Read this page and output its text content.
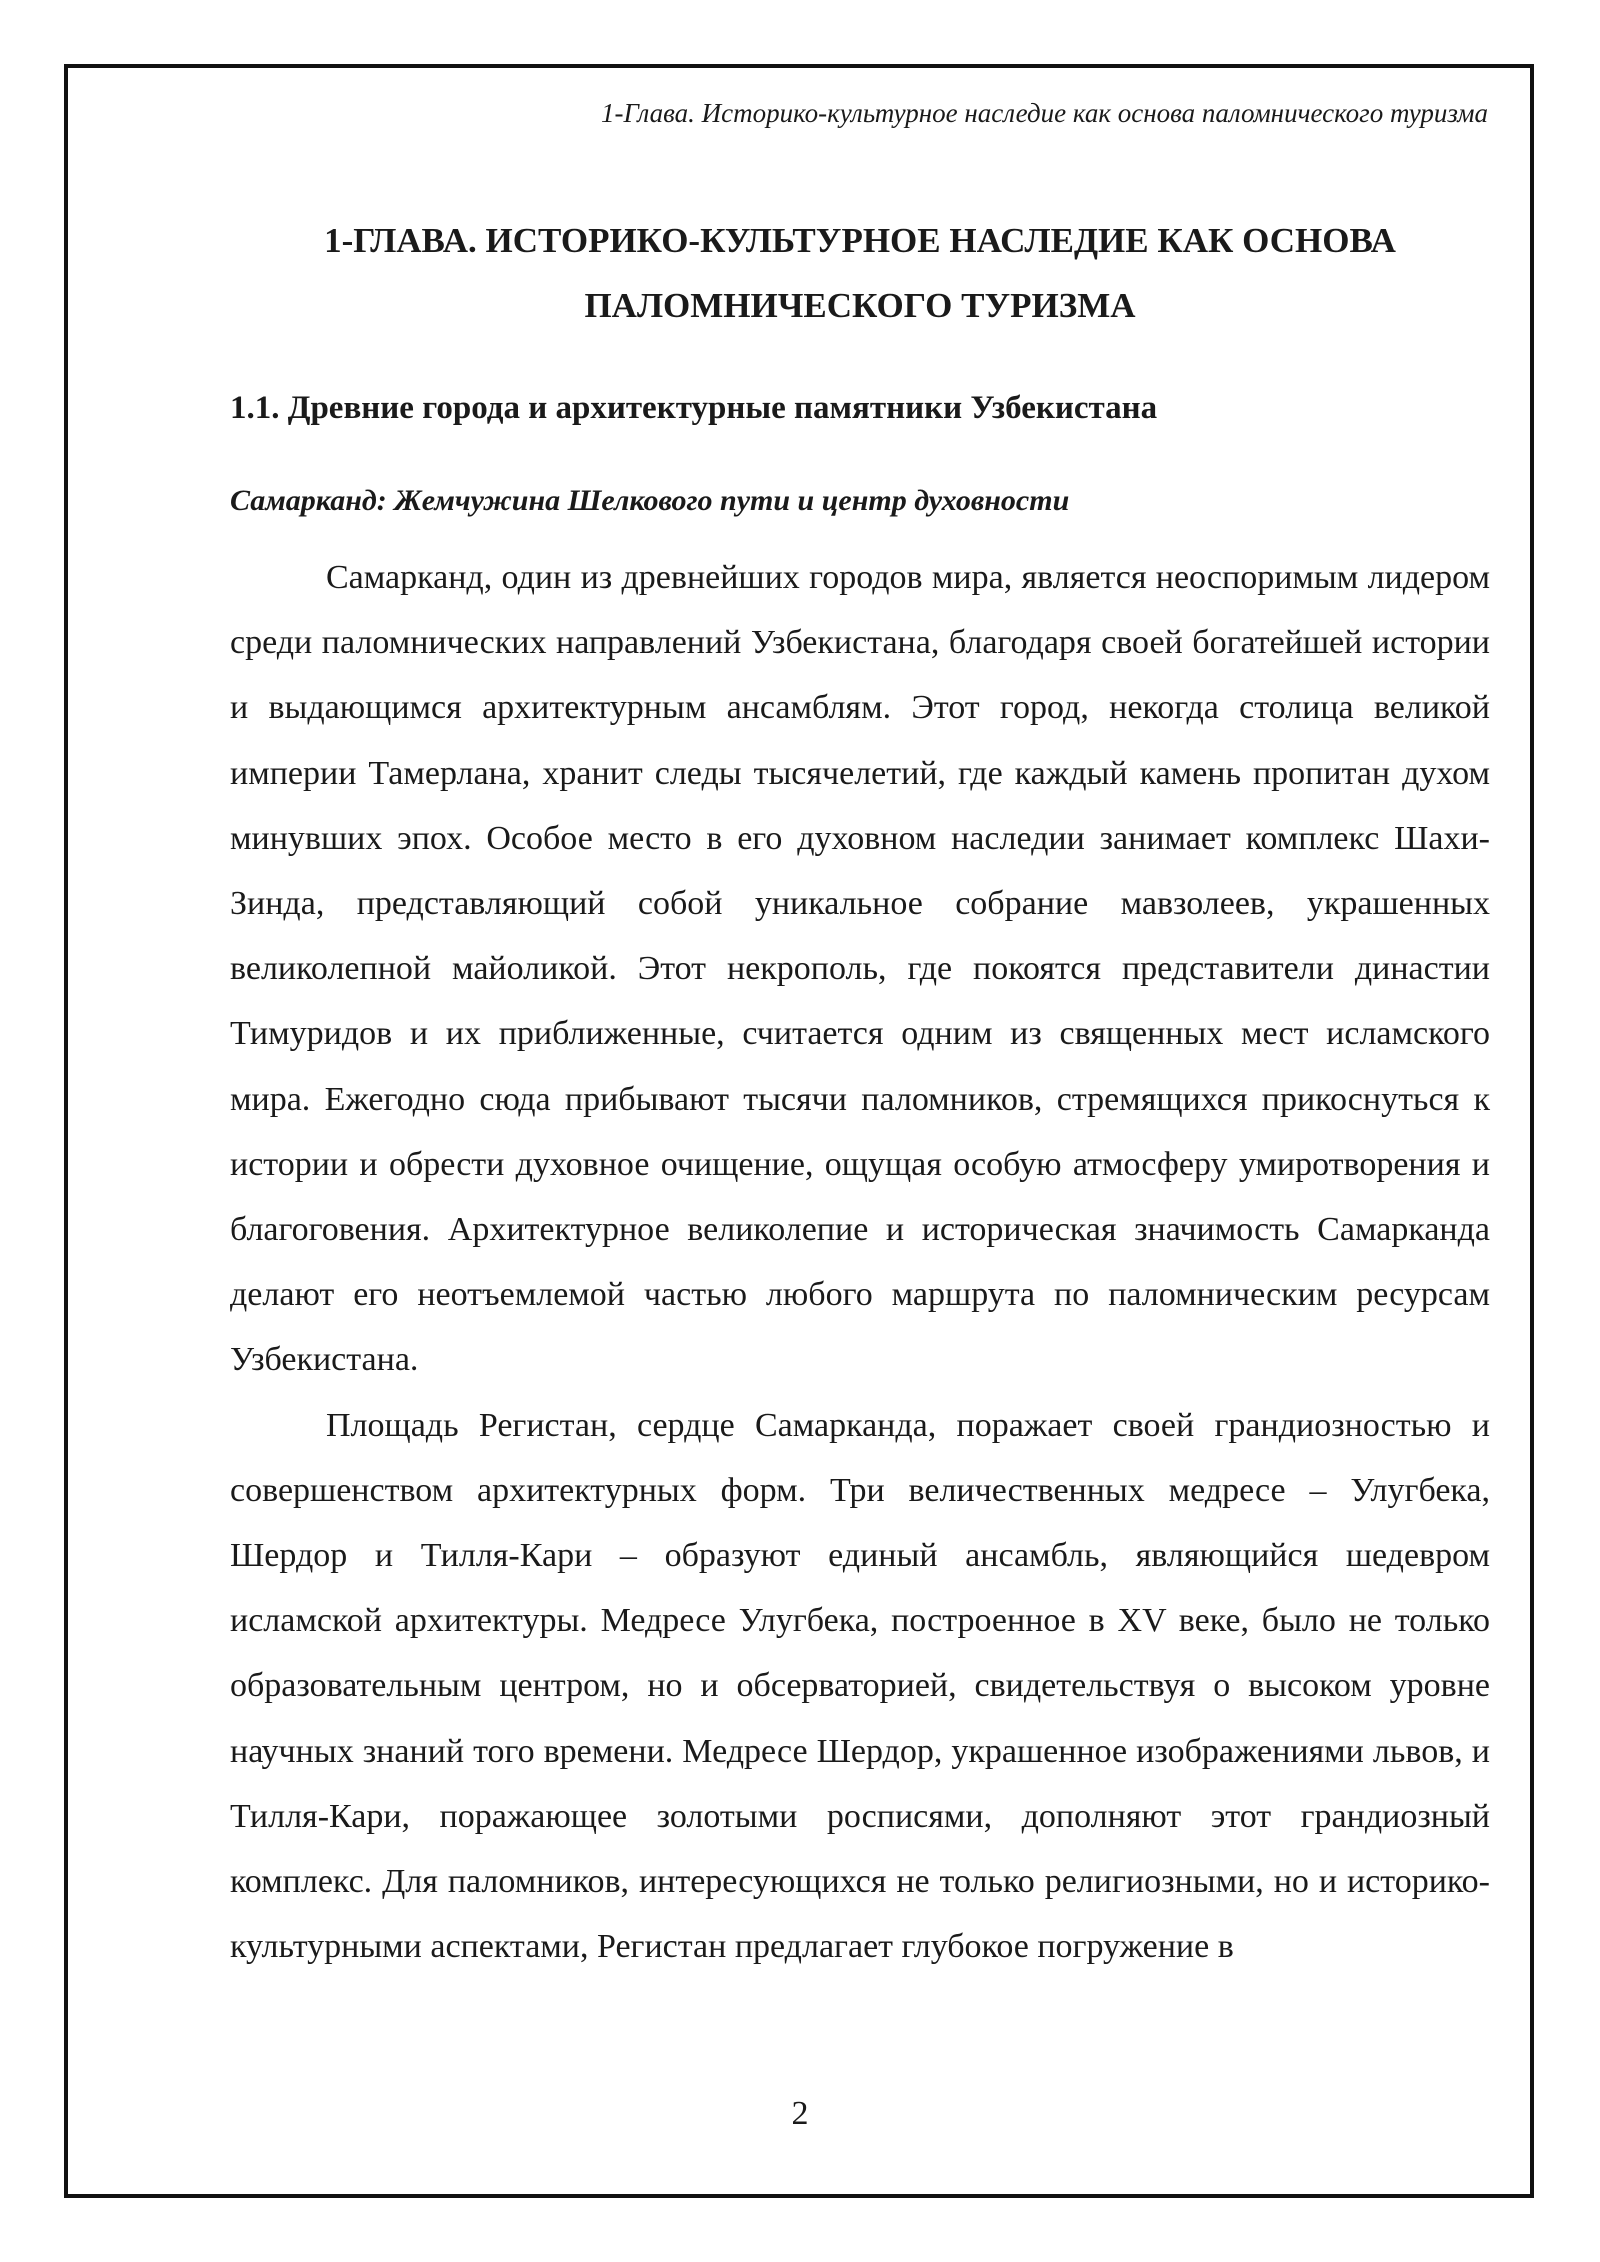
1-Глава. Историко-культурное наследие как основа паломнического туризма
1-ГЛАВА. ИСТОРИКО-КУЛЬТУРНОЕ НАСЛЕДИЕ КАК ОСНОВА ПАЛОМНИЧЕСКОГО ТУРИЗМА
1.1. Древние города и архитектурные памятники Узбекистана
Самарканд: Жемчужина Шелкового пути и центр духовности

Самарканд, один из древнейших городов мира, является неоспоримым лидером среди паломнических направлений Узбекистана, благодаря своей богатейшей истории и выдающимся архитектурным ансамблям. Этот город, некогда столица великой империи Тамерлана, хранит следы тысячелетий, где каждый камень пропитан духом минувших эпох. Особое место в его духовном наследии занимает комплекс Шахи-Зинда, представляющий собой уникальное собрание мавзолеев, украшенных великолепной майоликой. Этот некрополь, где покоятся представители династии Тимуридов и их приближенные, считается одним из священных мест исламского мира. Ежегодно сюда прибывают тысячи паломников, стремящихся прикоснуться к истории и обрести духовное очищение, ощущая особую атмосферу умиротворения и благоговения. Архитектурное великолепие и историческая значимость Самарканда делают его неотъемлемой частью любого маршрута по паломническим ресурсам Узбекистана.

Площадь Регистан, сердце Самарканда, поражает своей грандиозностью и совершенством архитектурных форм. Три величественных медресе – Улугбека, Шердор и Тилля-Кари – образуют единый ансамбль, являющийся шедевром исламской архитектуры. Медресе Улугбека, построенное в XV веке, было не только образовательным центром, но и обсерваторией, свидетельствуя о высоком уровне научных знаний того времени. Медресе Шердор, украшенное изображениями львов, и Тилля-Кари, поражающее золотыми росписями, дополняют этот грандиозный комплекс. Для паломников, интересующихся не только религиозными, но и историко-культурными аспектами, Регистан предлагает глубокое погружение в

2
